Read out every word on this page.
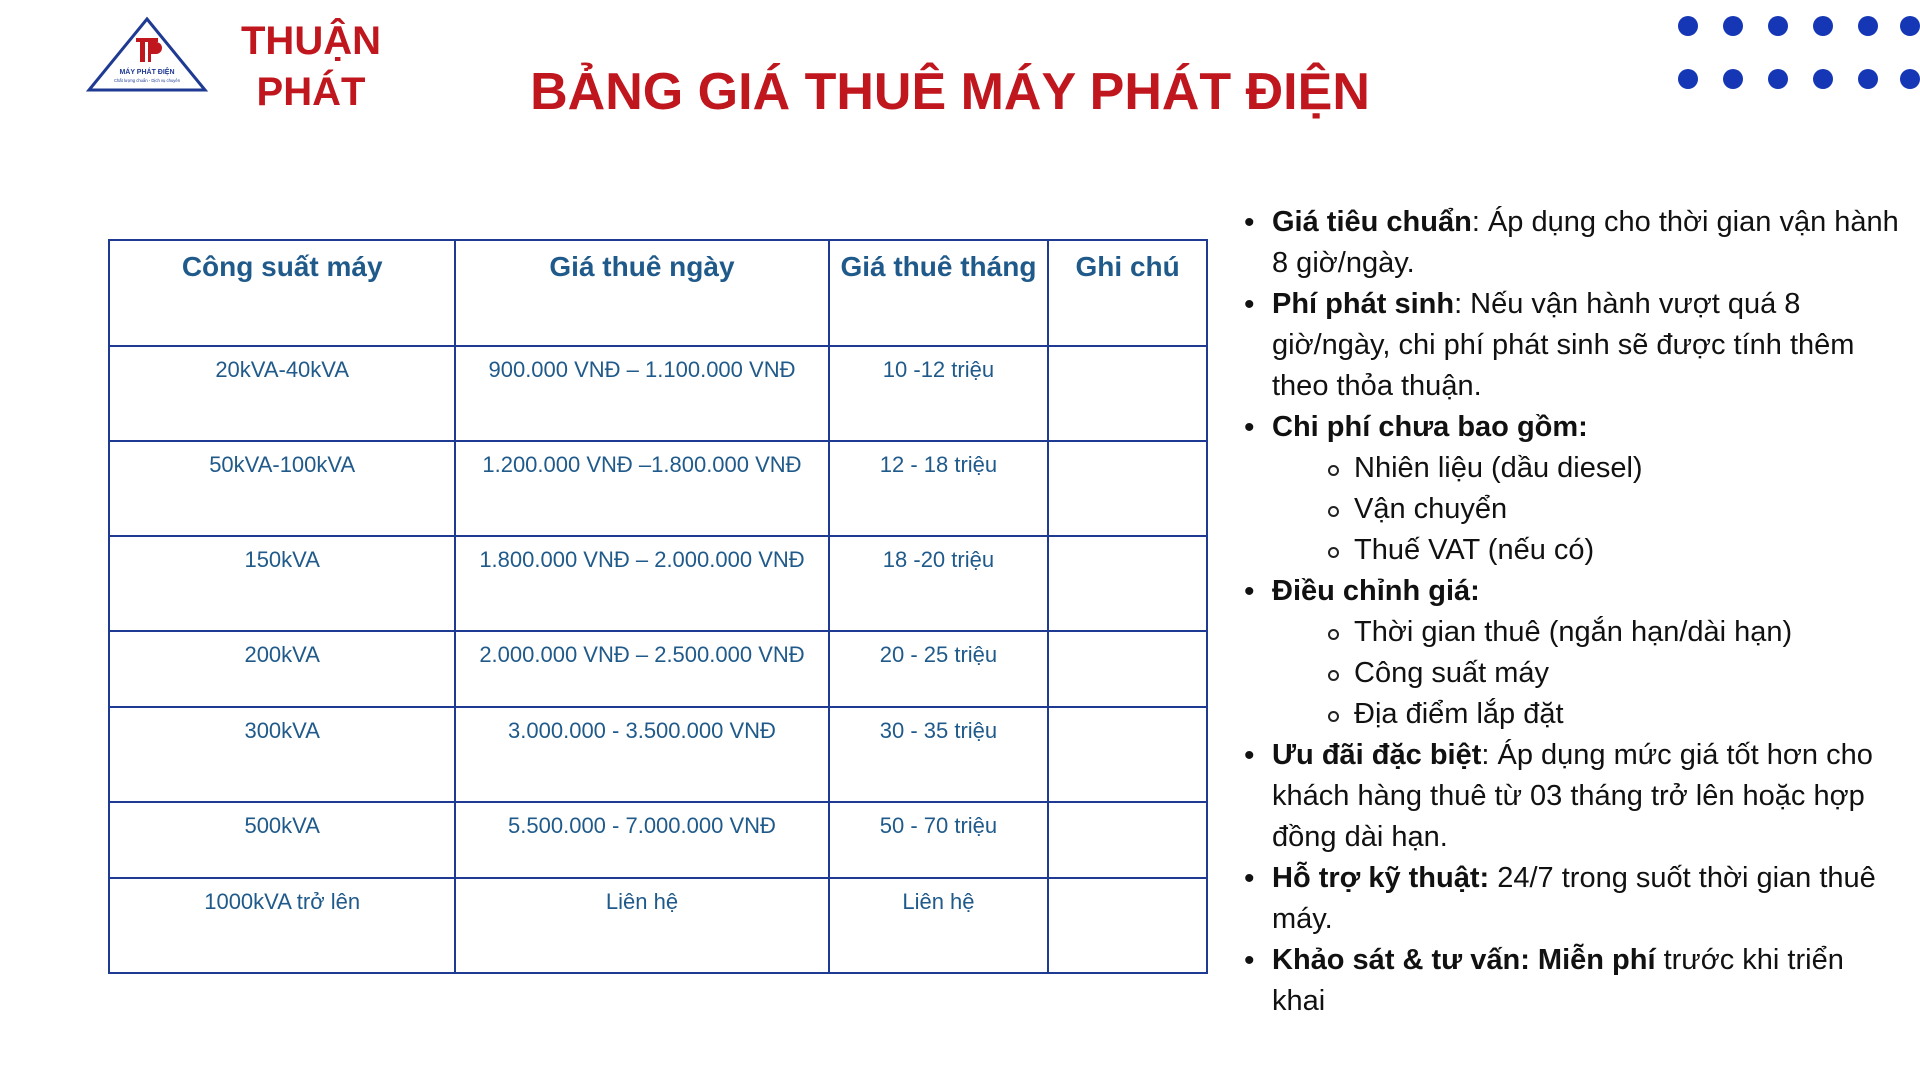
MÁY PHÁT ĐIỆN
Chất lượng chuẩn - Dịch vụ chuyên
THUẬN
PHÁT	BẢNG GIÁ THUÊ MÁY PHÁT ĐIỆN
Công suất máy	Giá thuê ngày	Giá thuê tháng	Ghi chú
20kVA-40kVA	900.000 VNĐ – 1.100.000 VNĐ	10 -12 triệu	
50kVA-100kVA	1.200.000 VNĐ –1.800.000 VNĐ	12 - 18 triệu	
150kVA	1.800.000 VNĐ – 2.000.000 VNĐ	18 -20 triệu	
200kVA	2.000.000 VNĐ – 2.500.000 VNĐ	20 - 25 triệu	
300kVA	3.000.000 - 3.500.000 VNĐ	30 - 35 triệu	
500kVA	5.500.000 - 7.000.000 VNĐ	50 - 70 triệu	
1000kVA trở lên	Liên hệ	Liên hệ	
• Giá tiêu chuẩn: Áp dụng cho thời gian vận hành 8 giờ/ngày.
• Phí phát sinh: Nếu vận hành vượt quá 8 giờ/ngày, chi phí phát sinh sẽ được tính thêm theo thỏa thuận.
• Chi phí chưa bao gồm:
Nhiên liệu (dầu diesel)
Vận chuyển
Thuế VAT (nếu có)
• Điều chỉnh giá:
Thời gian thuê (ngắn hạn/dài hạn)
Công suất máy
Địa điểm lắp đặt
• Ưu đãi đặc biệt: Áp dụng mức giá tốt hơn cho khách hàng thuê từ 03 tháng trở lên hoặc hợp đồng dài hạn.
• Hỗ trợ kỹ thuật: 24/7 trong suốt thời gian thuê máy.
• Khảo sát & tư vấn: Miễn phí trước khi triển khai
